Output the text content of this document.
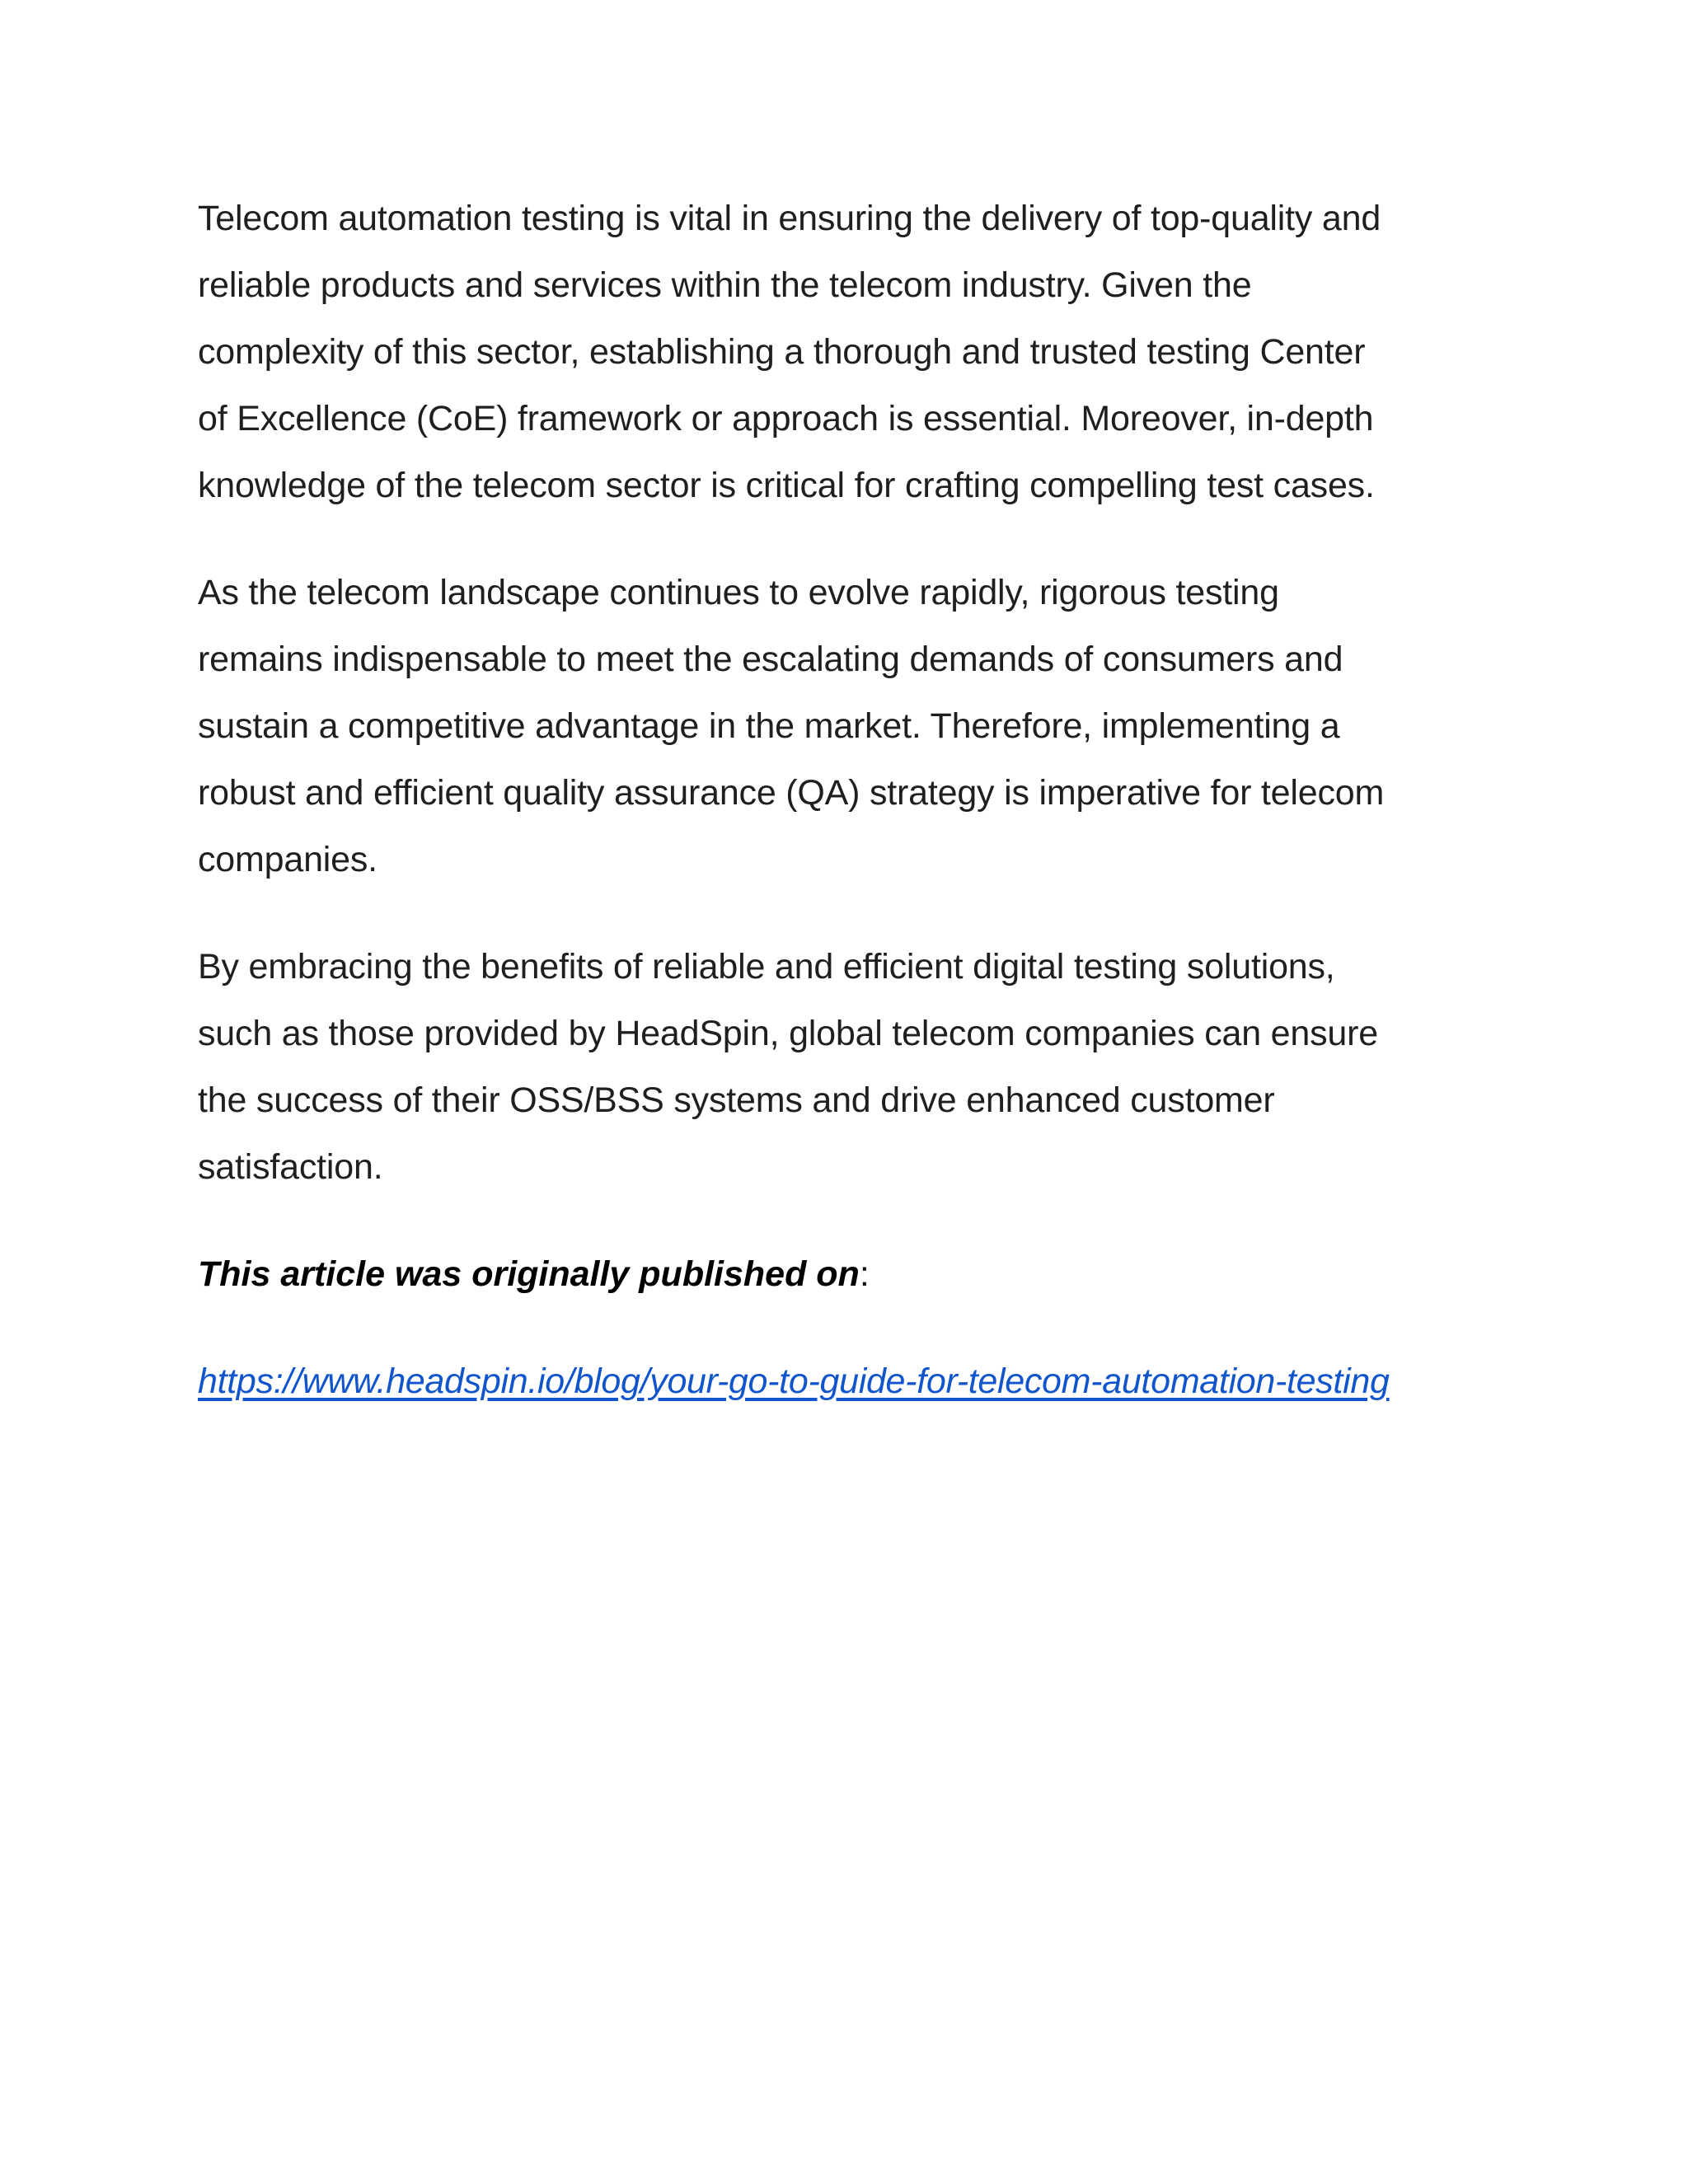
Telecom automation testing is vital in ensuring the delivery of top-quality and
reliable products and services within the telecom industry. Given the
complexity of this sector, establishing a thorough and trusted testing Center
of Excellence (CoE) framework or approach is essential. Moreover, in-depth
knowledge of the telecom sector is critical for crafting compelling test cases.

As the telecom landscape continues to evolve rapidly, rigorous testing
remains indispensable to meet the escalating demands of consumers and
sustain a competitive advantage in the market. Therefore, implementing a
robust and efficient quality assurance (QA) strategy is imperative for telecom
companies.

By embracing the benefits of reliable and efficient digital testing solutions,
such as those provided by HeadSpin, global telecom companies can ensure
the success of their OSS/BSS systems and drive enhanced customer
satisfaction.

This article was originally published on:

https://www.headspin.io/blog/your-go-to-guide-for-telecom-automation-testing
